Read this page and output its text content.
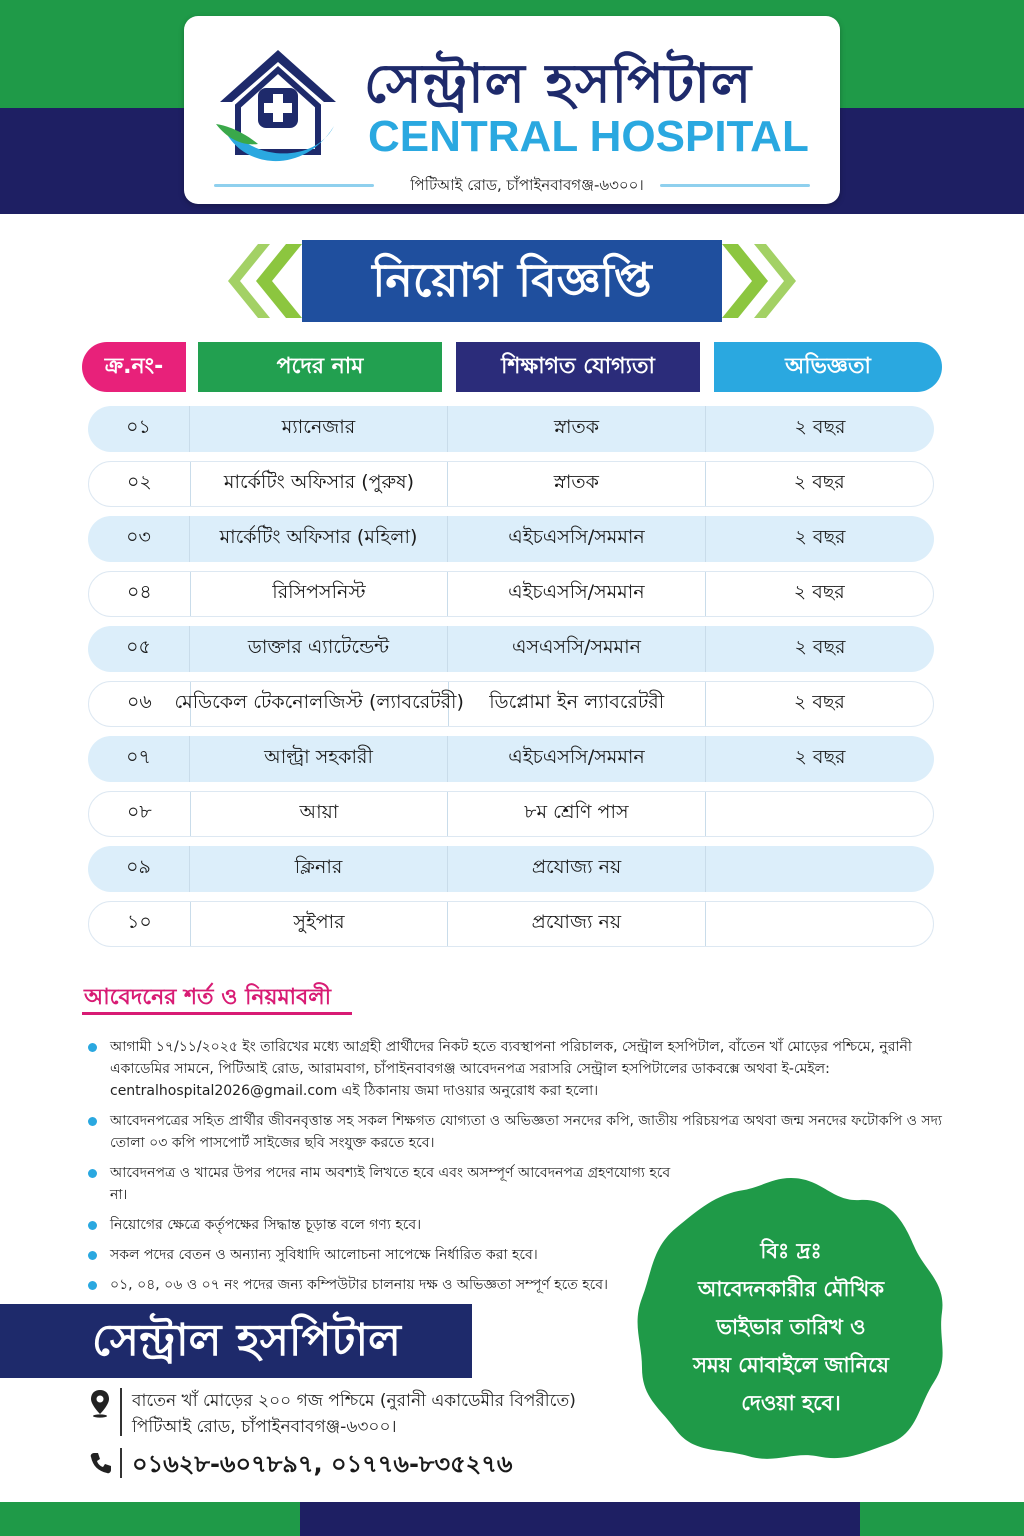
সেন্ট্রাল হসপিটাল
CENTRAL HOSPITAL
পিটিআই রোড, চাঁপাইনবাবগঞ্জ-৬৩০০।
নিয়োগ বিজ্ঞপ্তি
ক্র.নং-	পদের নাম	শিক্ষাগত যোগ্যতা	অভিজ্ঞতা
০১	ম্যানেজার	স্নাতক	২ বছর
০২	মার্কেটিং অফিসার (পুরুষ)	স্নাতক	২ বছর
০৩	মার্কেটিং অফিসার (মহিলা)	এইচএসসি/সমমান	২ বছর
০৪	রিসিপসনিস্ট	এইচএসসি/সমমান	২ বছর
০৫	ডাক্তার এ্যাটেন্ডেন্ট	এসএসসি/সমমান	২ বছর
০৬	মেডিকেল টেকনোলজিস্ট (ল্যাবরেটরী)	ডিপ্লোমা ইন ল্যাবরেটরী	২ বছর
০৭	আল্ট্রা সহকারী	এইচএসসি/সমমান	২ বছর
০৮	আয়া	৮ম শ্রেণি পাস
০৯	ক্লিনার	প্রযোজ্য নয়
১০	সুইপার	প্রযোজ্য নয়
আবেদনের শর্ত ও নিয়মাবলী
আগামী ১৭/১১/২০২৫ ইং তারিখের মধ্যে আগ্রহী প্রার্থীদের নিকট হতে ব্যবস্থাপনা পরিচালক, সেন্ট্রাল হসপিটাল, বাঁতেন খাঁ মোড়ের পশ্চিমে, নুরানী একাডেমির সামনে, পিটিআই রোড, আরামবাগ, চাঁপাইনবাবগঞ্জ আবেদনপত্র সরাসরি সেন্ট্রাল হসপিটালের ডাকবক্সে অথবা ই-মেইল: centralhospital2026@gmail.com এই ঠিকানায় জমা দাওয়ার অনুরোধ করা হলো।
আবেদনপত্রের সহিত প্রার্থীর জীবনবৃত্তান্ত সহ সকল শিক্ষগত যোগ্যতা ও অভিজ্ঞতা সনদের কপি, জাতীয় পরিচয়পত্র অথবা জন্ম সনদের ফটোকপি ও সদ্য তোলা ০৩ কপি পাসপোর্ট সাইজের ছবি সংযুক্ত করতে হবে।
আবেদনপত্র ও খামের উপর পদের নাম অবশ্যই লিখতে হবে এবং অসম্পূর্ণ আবেদনপত্র গ্রহণযোগ্য হবে না।
নিয়োগের ক্ষেত্রে কর্তৃপক্ষের সিদ্ধান্ত চূড়ান্ত বলে গণ্য হবে।
সকল পদের বেতন ও অন্যান্য সুবিধাদি আলোচনা সাপেক্ষে নির্ধারিত করা হবে।
০১, ০৪, ০৬ ও ০৭ নং পদের জন্য কম্পিউটার চালনায় দক্ষ ও অভিজ্ঞতা সম্পূর্ণ হতে হবে।
বিঃ দ্রঃ
আবেদনকারীর মৌখিক
ভাইভার তারিখ ও
সময় মোবাইলে জানিয়ে
দেওয়া হবে।
সেন্ট্রাল হসপিটাল
বাতেন খাঁ মোড়ের ২০০ গজ পশ্চিমে (নুরানী একাডেমীর বিপরীতে)
পিটিআই রোড, চাঁপাইনবাবগঞ্জ-৬৩০০।
০১৬২৮-৬০৭৮৯৭, ০১৭৭৬-৮৩৫২৭৬
